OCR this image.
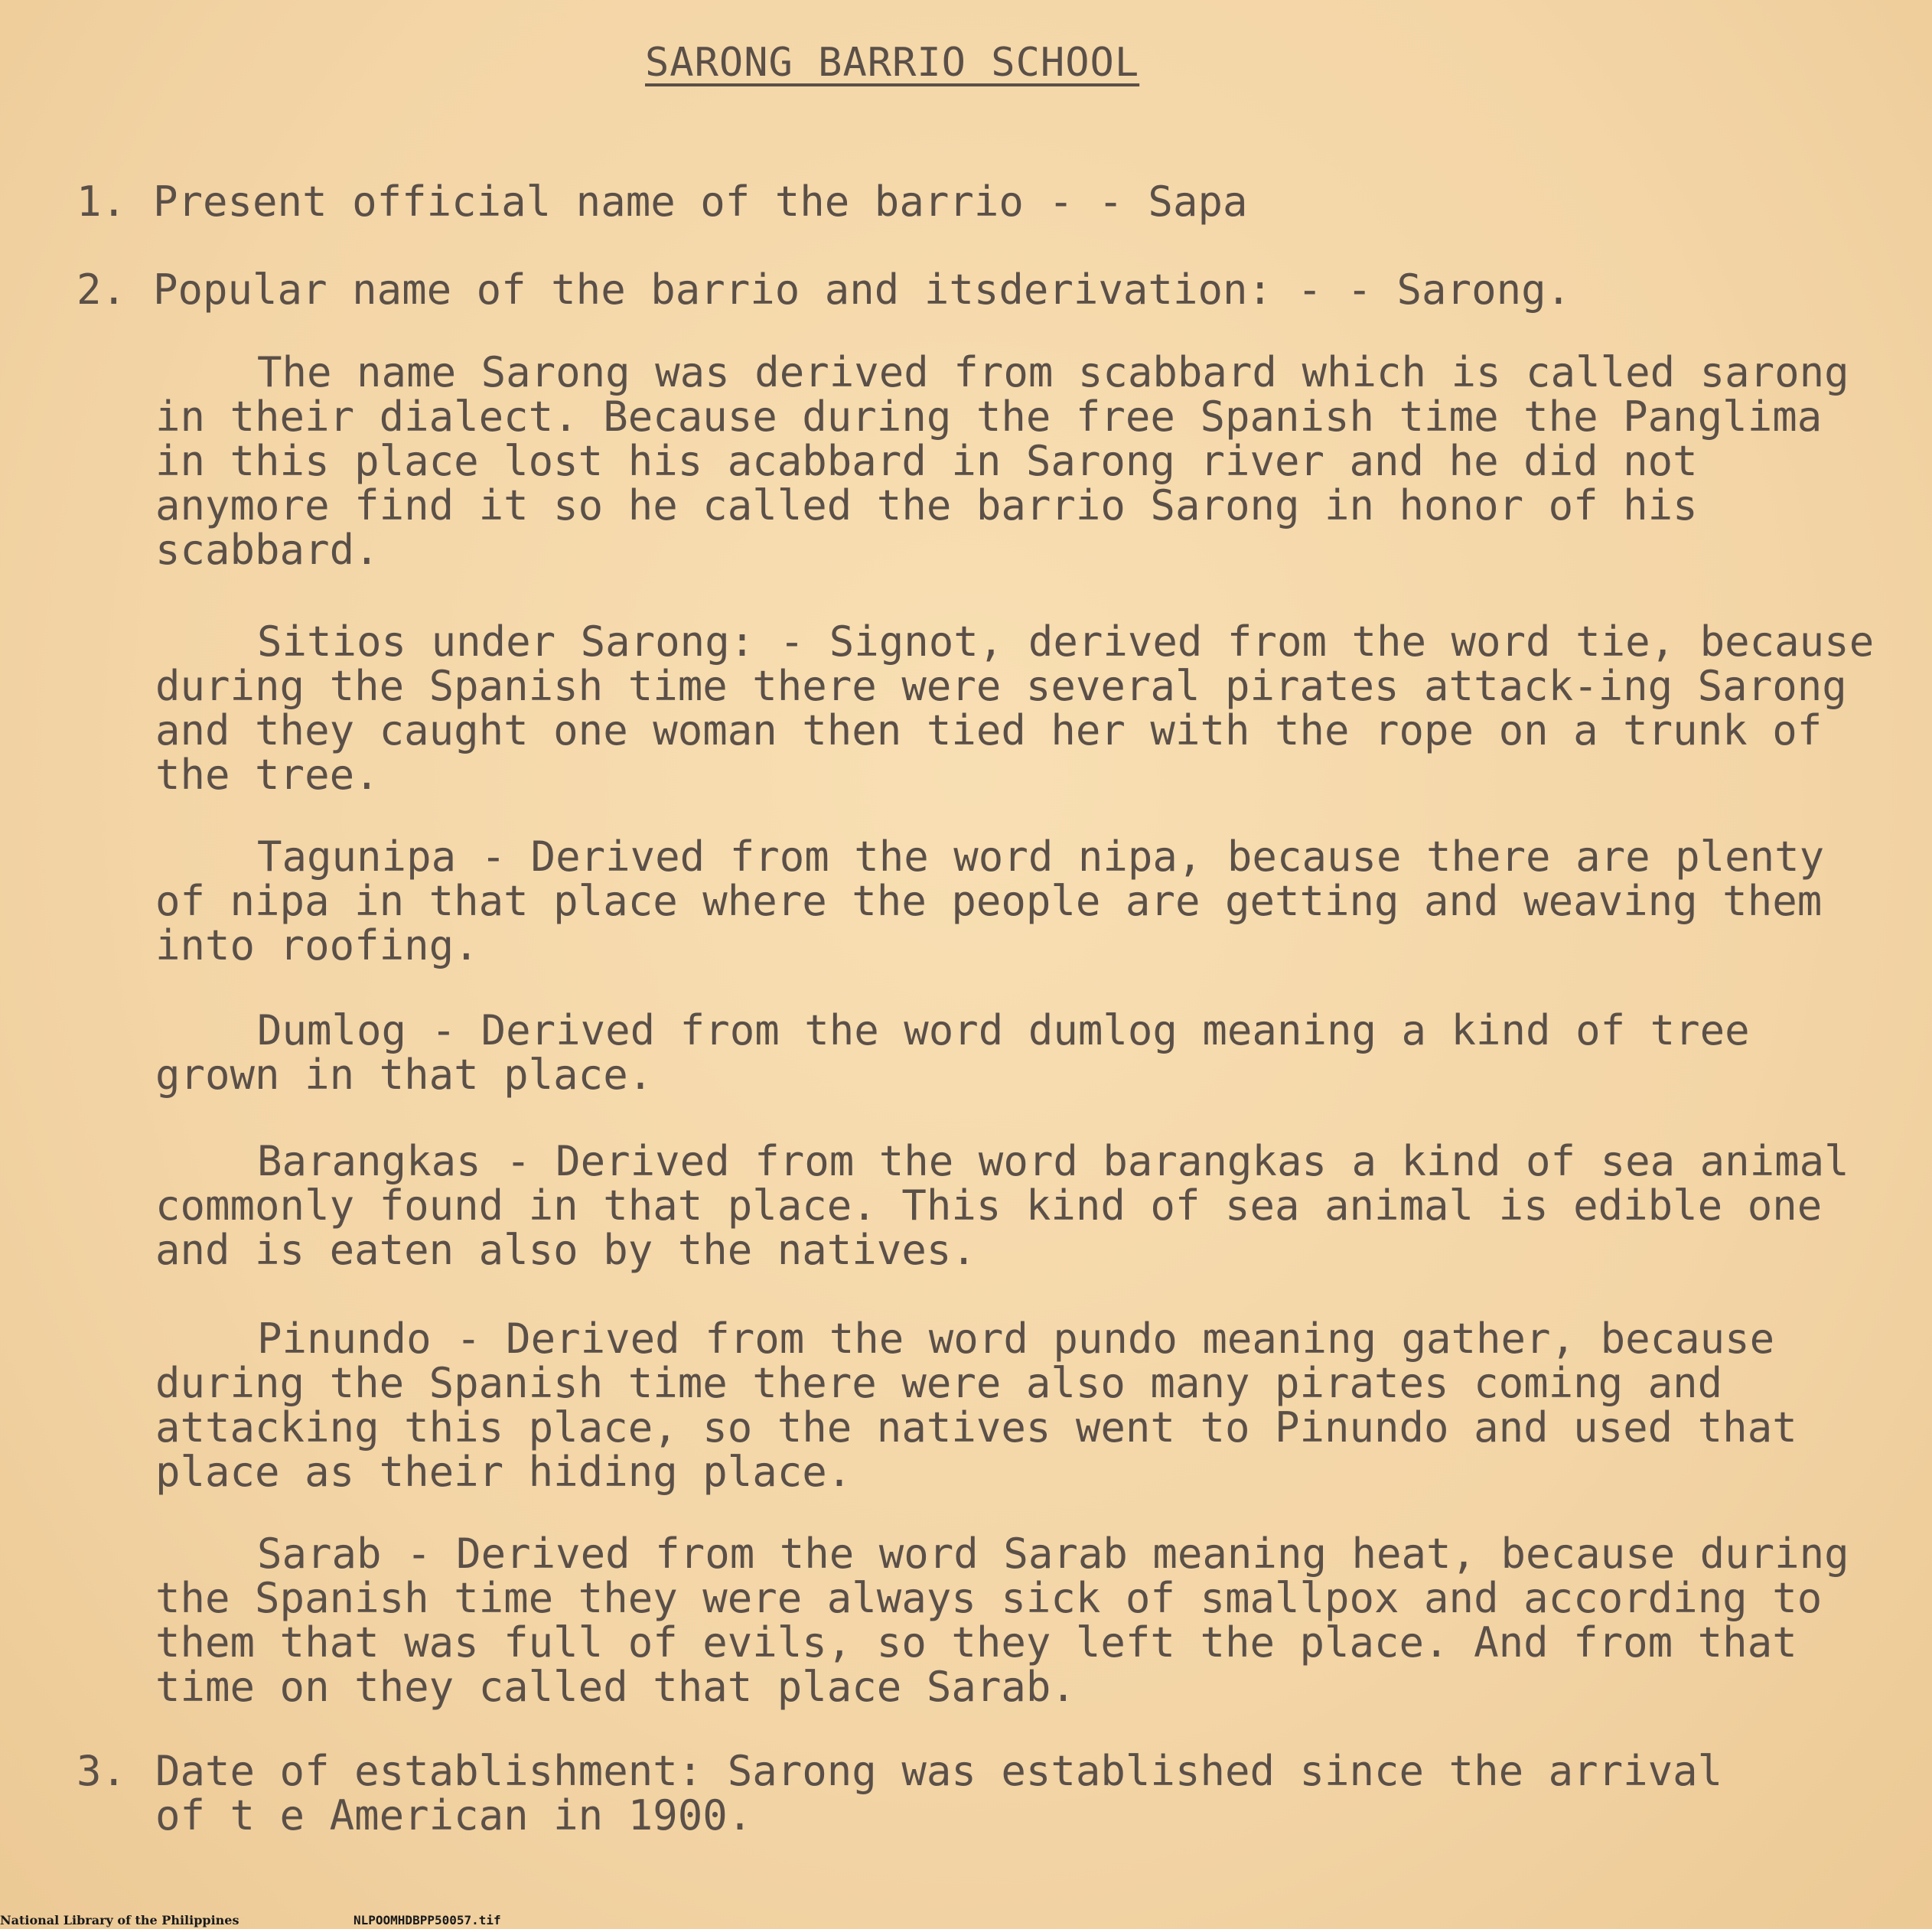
SARONG BARRIO SCHOOL
1. Present official name of the barrio - - Sapa
2. Popular name of the barrio and itsderivation: - - Sarong.

The name Sarong was derived from scabbard which is called sarong in their dialect. Because during the free Spanish time the Panglima in this place lost his acabbard in Sarong river and he did not anymore find it so he called the barrio Sarong in honor of his scabbard.

Sitios under Sarong: - Signot, derived from the word tie, because during the Spanish time there were several pirates attack-ing Sarong and they caught one woman then tied her with the rope on a trunk of the tree.

Tagunipa - Derived from the word nipa, because there are plenty of nipa in that place where the people are getting and weaving them into roofing.

Dumlog - Derived from the word dumlog meaning a kind of tree grown in that place.

Barangkas - Derived from the word barangkas a kind of sea animal commonly found in that place. This kind of sea animal is edible one and is eaten also by the natives.

Pinundo - Derived from the word pundo meaning gather, because during the Spanish time there were also many pirates coming and attacking this place, so the natives went to Pinundo and used that place as their hiding place.

Sarab - Derived from the word Sarab meaning heat, because during the Spanish time they were always sick of smallpox and according to them that was full of evils, so they left the place. And from that time on they called that place Sarab.

3. Date of establishment: Sarong was established since the arrival
of t e American in 1900.
National Library of the Philippines	NLPOOMHDBPP50057.tif
